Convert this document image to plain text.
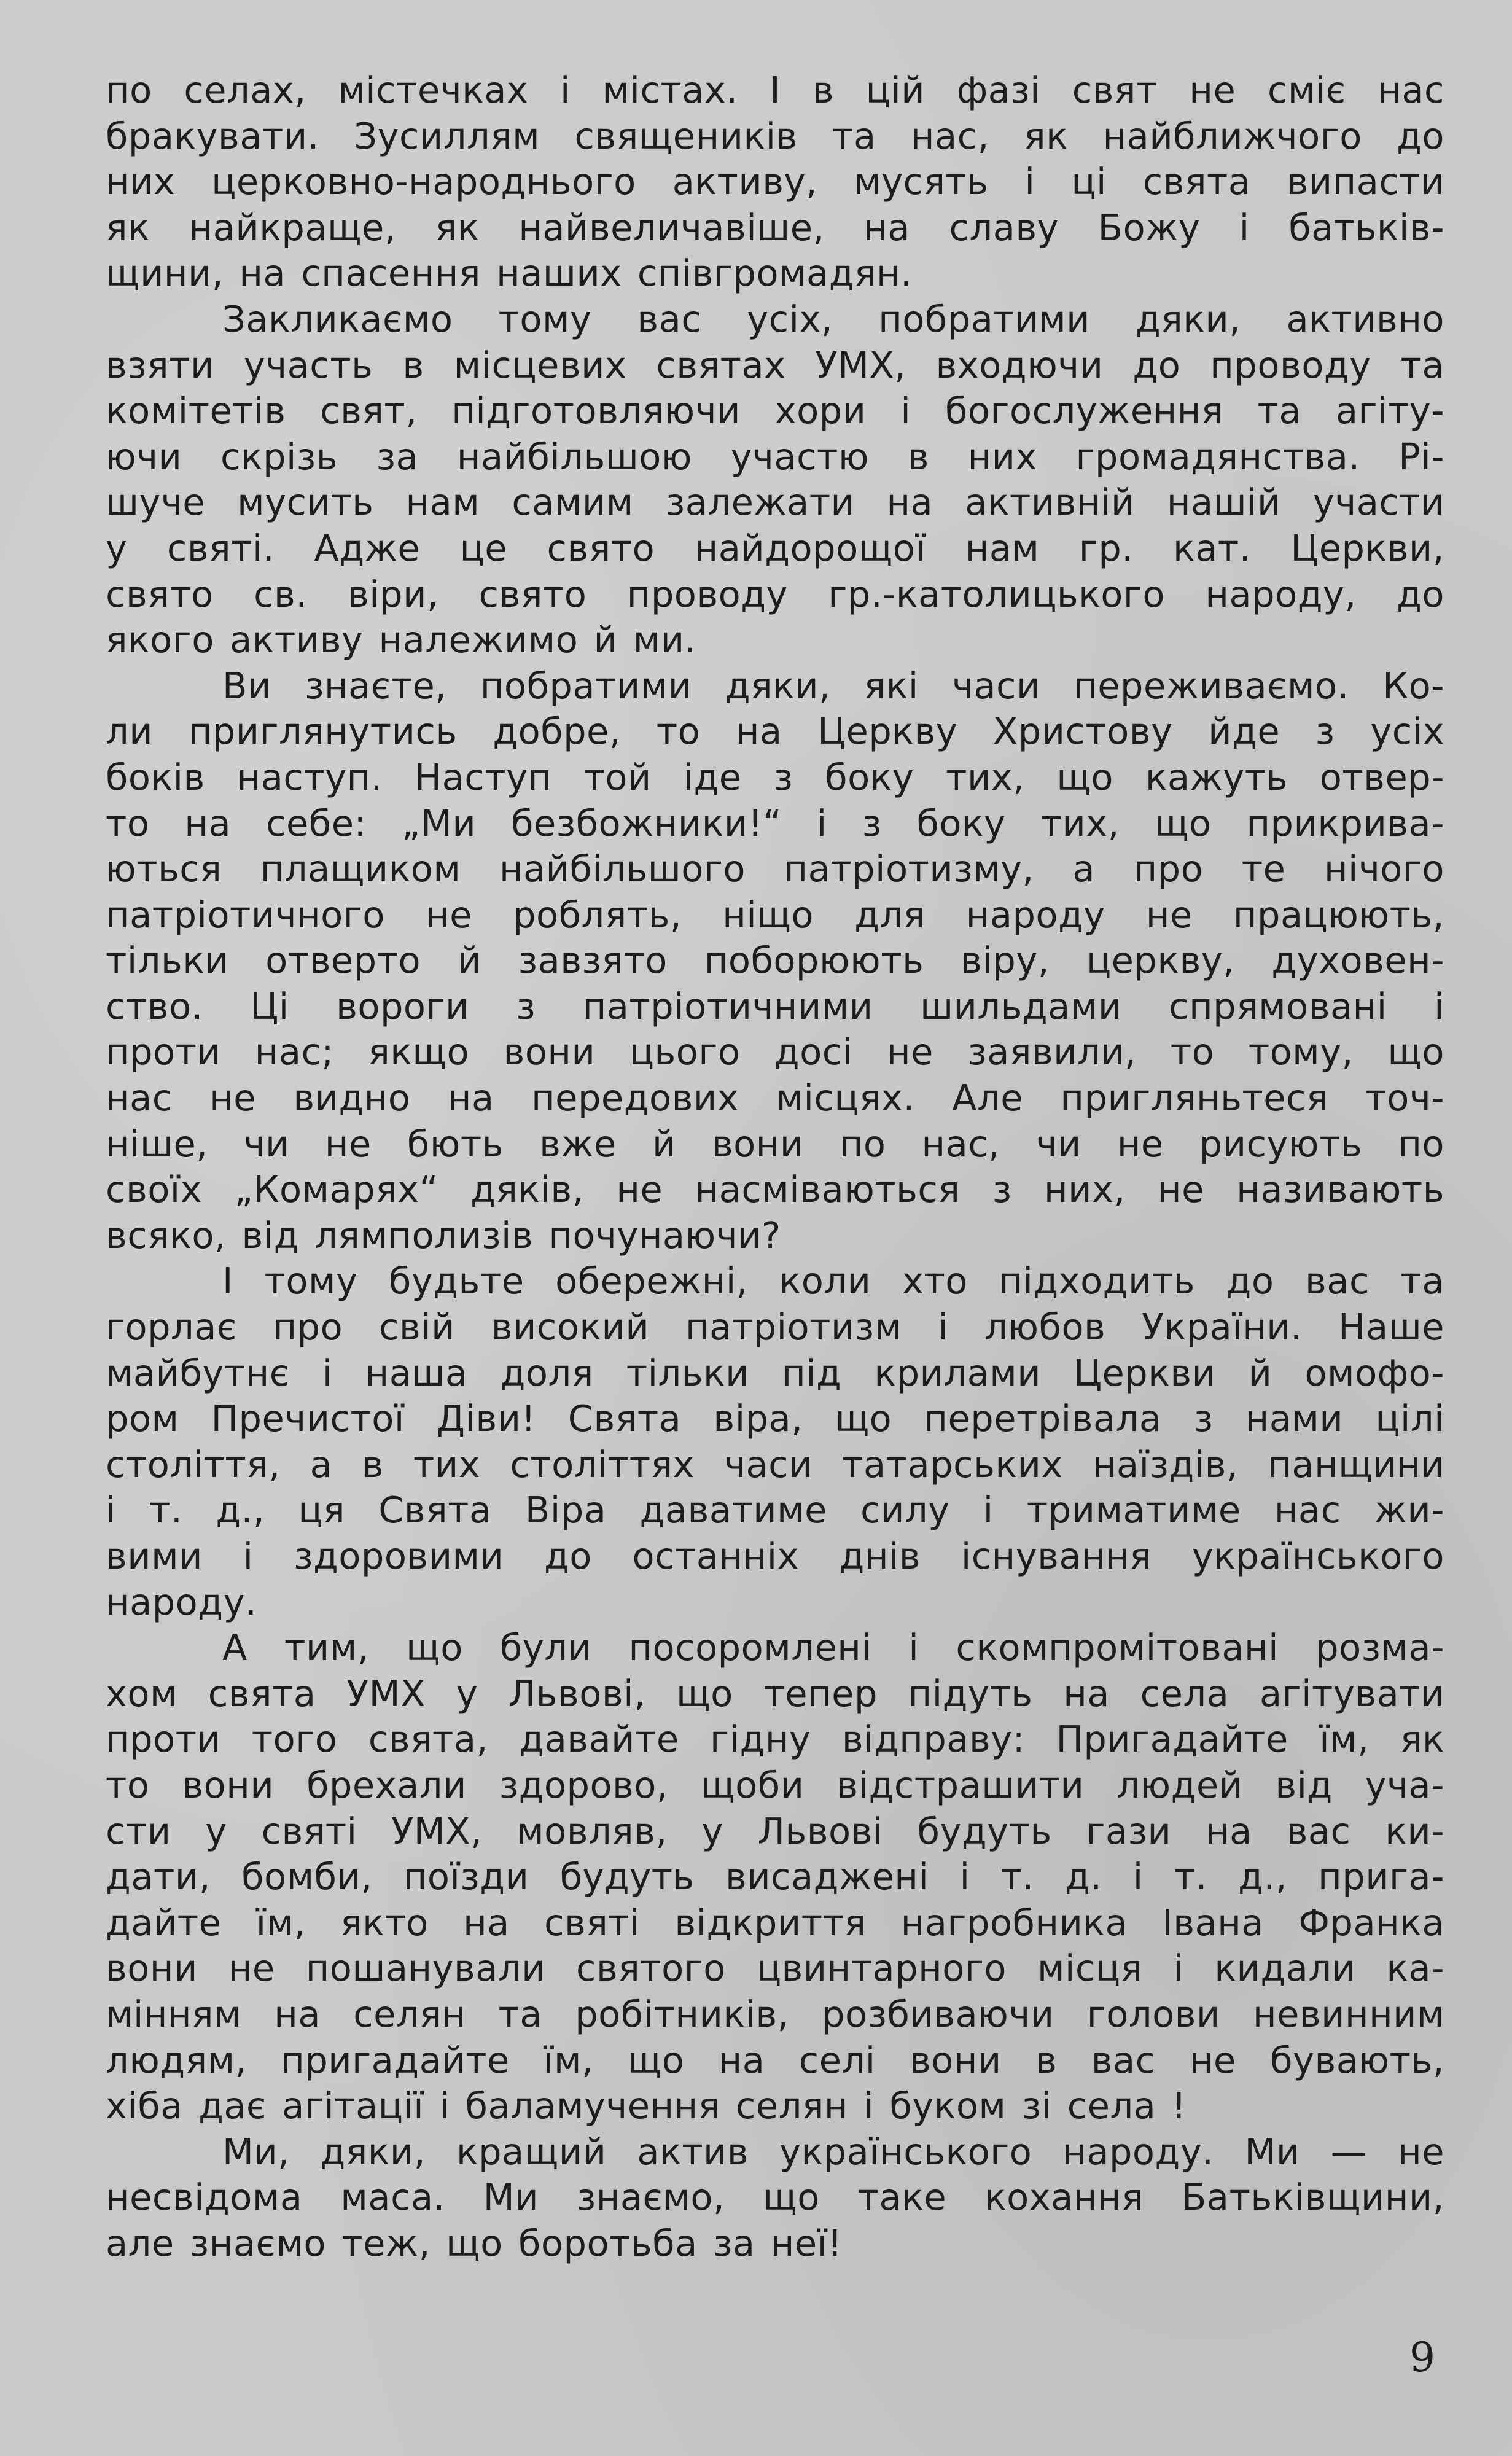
по селах, містечках і містах. І в цій фазі свят не сміє нас
бракувати. Зусиллям священиків та нас, як найближчого до
них церковно-народнього активу, мусять і ці свята випасти
як найкраще, як найвеличавіше, на славу Божу і батьків-
щини, на спасення наших співгромадян.

Закликаємо тому вас усіх, побратими дяки, активно
взяти участь в місцевих святах УМХ, входючи до проводу та
комітетів свят, підготовляючи хори і богослуження та агіту-
ючи скрізь за найбільшою участю в них громадянства. Рі-
шуче мусить нам самим залежати на активній нашій участи
у святі. Адже це свято найдорощої нам гр. кат. Церкви,
свято св. віри, свято проводу гр.-католицького народу, до
якого активу належимо й ми.

Ви знаєте, побратими дяки, які часи переживаємо. Ко-
ли приглянутись добре, то на Церкву Христову йде з усіх
боків наступ. Наступ той іде з боку тих, що кажуть отвер-
то на себе: „Ми безбожники!“ і з боку тих, що прикрива-
ються плащиком найбільшого патріотизму, а про те нічого
патріотичного не роблять, ніщо для народу не працюють,
тільки отверто й завзято поборюють віру, церкву, духовен-
ство. Ці вороги з патріотичними шильдами спрямовані і
проти нас; якщо вони цього досі не заявили, то тому, що
нас не видно на передових місцях. Але пригляньтеся точ-
ніше, чи не бють вже й вони по нас, чи не рисують по
своїх „Комарях“ дяків, не насміваються з них, не називають
всяко, від лямполизів почунаючи?

І тому будьте обережні, коли хто підходить до вас та
горлає про свій високий патріотизм і любов України. Наше
майбутнє і наша доля тільки під крилами Церкви й омофо-
ром Пречистої Діви! Свята віра, що перетрівала з нами цілі
століття, а в тих століттях часи татарських наїздів, панщини
і т. д., ця Свята Віра даватиме силу і триматиме нас жи-
вими і здоровими до останніх днів існування українського
народу.

А тим, що були посоромлені і скомпромітовані розма-
хом свята УМХ у Львові, що тепер підуть на села агітувати
проти того свята, давайте гідну відправу: Пригадайте їм, як
то вони брехали здорово, щоби відстрашити людей від уча-
сти у святі УМХ, мовляв, у Львові будуть гази на вас ки-
дати, бомби, поїзди будуть висаджені і т. д. і т. д., прига-
дайте їм, якто на святі відкриття нагробника Івана Франка
вони не пошанували святого цвинтарного місця і кидали ка-
мінням на селян та робітників, розбиваючи голови невинним
людям, пригадайте їм, що на селі вони в вас не бувають,
хіба дає агітації і баламучення селян і буком зі села !

Ми, дяки, кращий актив українського народу. Ми — не
несвідома маса. Ми знаємо, що таке кохання Батьківщини,
але знаємо теж, що боротьба за неї!

9
